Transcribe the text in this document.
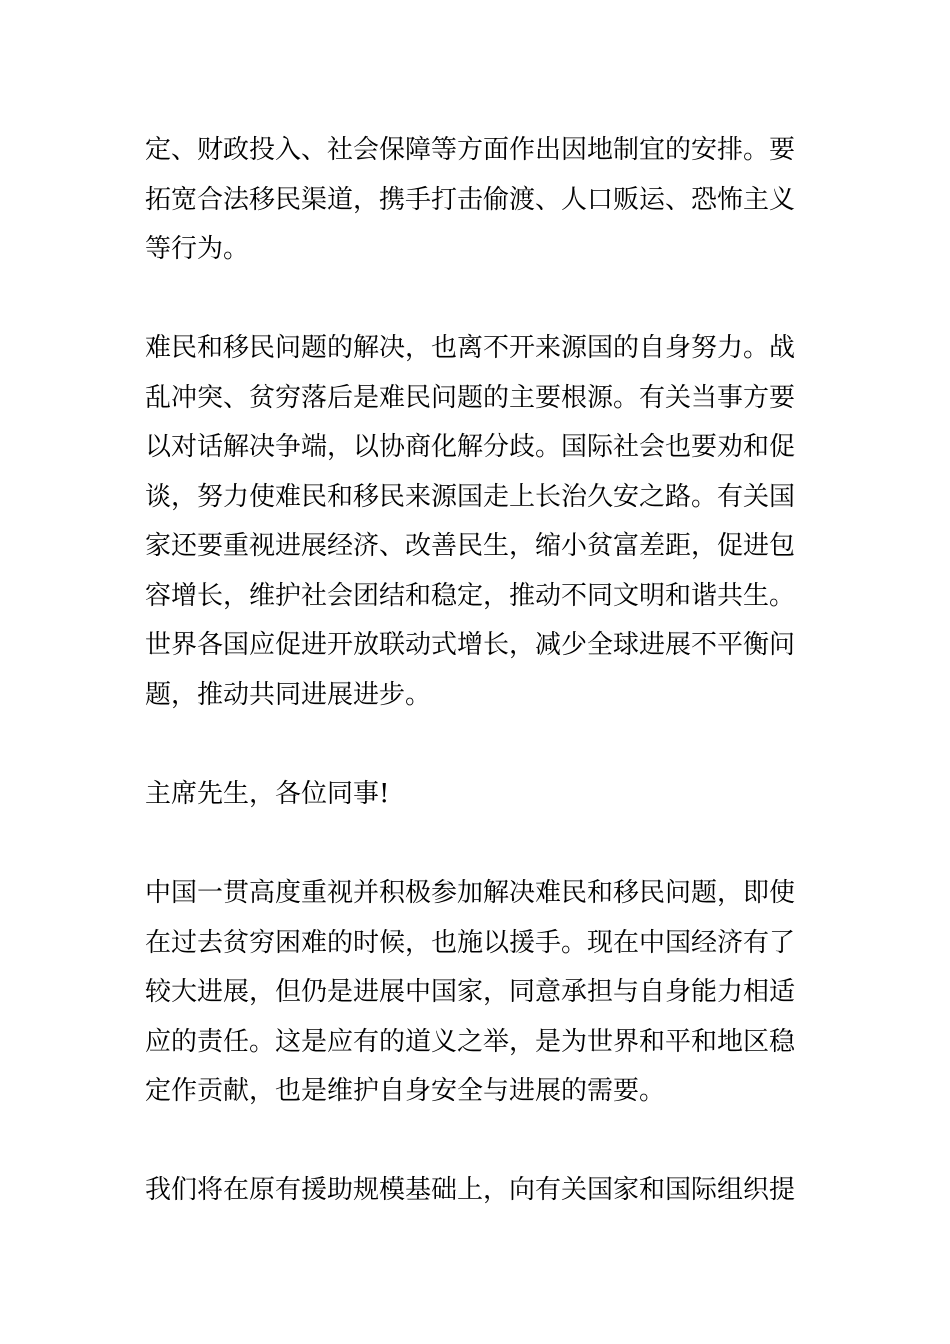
定、财政投入、社会保障等方面作出因地制宜的安排。要
拓宽合法移民渠道，携手打击偷渡、人口贩运、恐怖主义
等行为。

难民和移民问题的解决，也离不开来源国的自身努力。战
乱冲突、贫穷落后是难民问题的主要根源。有关当事方要
以对话解决争端，以协商化解分歧。国际社会也要劝和促
谈，努力使难民和移民来源国走上长治久安之路。有关国
家还要重视进展经济、改善民生，缩小贫富差距，促进包
容增长，维护社会团结和稳定，推动不同文明和谐共生。
世界各国应促进开放联动式增长，减少全球进展不平衡问
题，推动共同进展进步。

主席先生，各位同事!

中国一贯高度重视并积极参加解决难民和移民问题，即使
在过去贫穷困难的时候，也施以援手。现在中国经济有了
较大进展，但仍是进展中国家，同意承担与自身能力相适
应的责任。这是应有的道义之举，是为世界和平和地区稳
定作贡献，也是维护自身安全与进展的需要。

我们将在原有援助规模基础上，向有关国家和国际组织提
